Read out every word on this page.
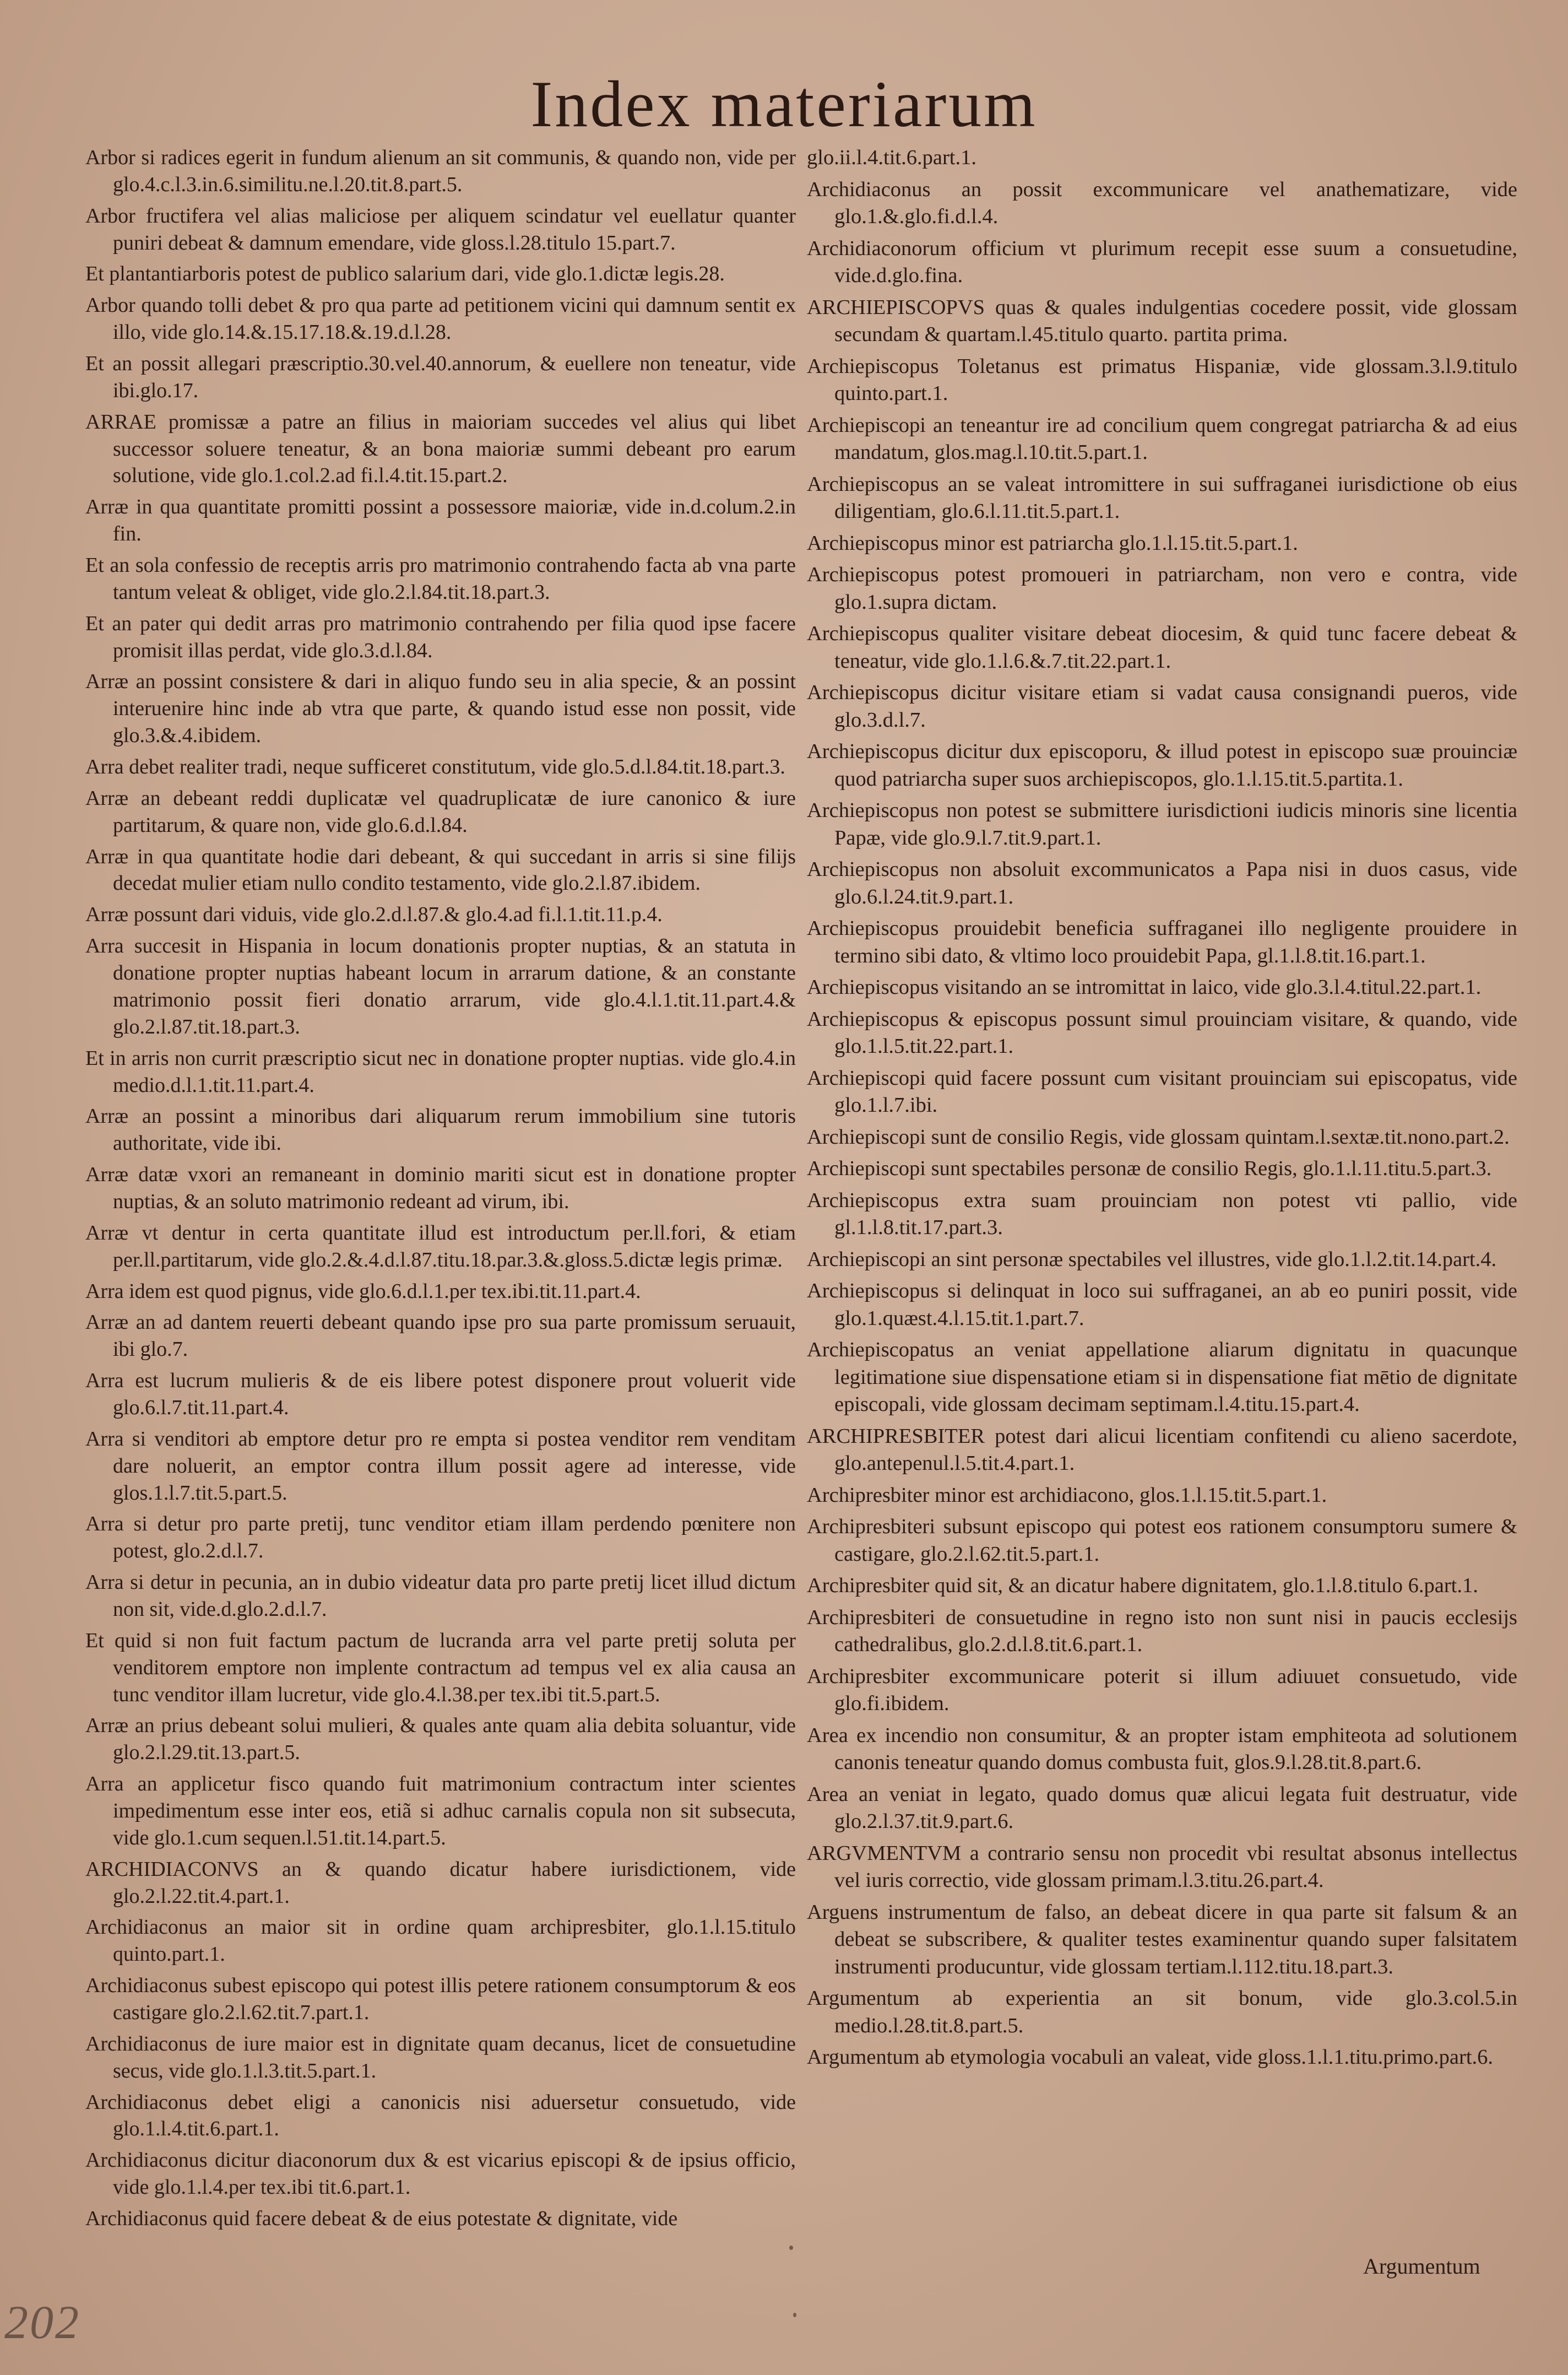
Index materiarum
Arbor si radices egerit in fundum alienum an sit communis, & quando non, vide per glo.4.c.l.3.in.6.similitu.ne.l.20.tit.8.part.5.
Arbor fructifera vel alias maliciose per aliquem scindatur vel euellatur quanter puniri debeat & damnum emendare, vide gloss.l.28.titulo 15.part.7.
Et plantantiarboris potest de publico salarium dari, vide glo.1.dictæ legis.28.
Arbor quando tolli debet & pro qua parte ad petitionem vicini qui damnum sentit ex illo, vide glo.14.&.15.17.18.&.19.d.l.28.
Et an possit allegari præscriptio.30.vel.40.annorum, & euellere non teneatur, vide ibi.glo.17.
ARRAE promissæ a patre an filius in maioriam succedes vel alius qui libet successor soluere teneatur, & an bona maioriæ summi debeant pro earum solutione, vide glo.1.col.2.ad fi.l.4.tit.15.part.2.
Arræ in qua quantitate promitti possint a possessore maioriæ, vide in.d.colum.2.in fin.
Et an sola confessio de receptis arris pro matrimonio contrahendo facta ab vna parte tantum veleat & obliget, vide glo.2.l.84.tit.18.part.3.
Et an pater qui dedit arras pro matrimonio contrahendo per filia quod ipse facere promisit illas perdat, vide glo.3.d.l.84.
Arræ an possint consistere & dari in aliquo fundo seu in alia specie, & an possint interuenire hinc inde ab vtra que parte, & quando istud esse non possit, vide glo.3.&.4.ibidem.
Arra debet realiter tradi, neque sufficeret constitutum, vide glo.5.d.l.84.tit.18.part.3.
Arræ an debeant reddi duplicatæ vel quadruplicatæ de iure canonico & iure partitarum, & quare non, vide glo.6.d.l.84.
Arræ in qua quantitate hodie dari debeant, & qui succedant in arris si sine filijs decedat mulier etiam nullo condito testamento, vide glo.2.l.87.ibidem.
Arræ possunt dari viduis, vide glo.2.d.l.87.& glo.4.ad fi.l.1.tit.11.p.4.
Arra succesit in Hispania in locum donationis propter nuptias, & an statuta in donatione propter nuptias habeant locum in arrarum datione, & an constante matrimonio possit fieri donatio arrarum, vide glo.4.l.1.tit.11.part.4.& glo.2.l.87.tit.18.part.3.
Et in arris non currit præscriptio sicut nec in donatione propter nuptias. vide glo.4.in medio.d.l.1.tit.11.part.4.
Arræ an possint a minoribus dari aliquarum rerum immobilium sine tutoris authoritate, vide ibi.
Arræ datæ vxori an remaneant in dominio mariti sicut est in donatione propter nuptias, & an soluto matrimonio redeant ad virum, ibi.
Arræ vt dentur in certa quantitate illud est introductum per.ll.fori, & etiam per.ll.partitarum, vide glo.2.&.4.d.l.87.titu.18.par.3.&.gloss.5.dictæ legis primæ.
Arra idem est quod pignus, vide glo.6.d.l.1.per tex.ibi.tit.11.part.4.
Arræ an ad dantem reuerti debeant quando ipse pro sua parte promissum seruauit, ibi glo.7.
Arra est lucrum mulieris & de eis libere potest disponere prout voluerit vide glo.6.l.7.tit.11.part.4.
Arra si venditori ab emptore detur pro re empta si postea venditor rem venditam dare noluerit, an emptor contra illum possit agere ad interesse, vide glos.1.l.7.tit.5.part.5.
Arra si detur pro parte pretij, tunc venditor etiam illam perdendo pœnitere non potest, glo.2.d.l.7.
Arra si detur in pecunia, an in dubio videatur data pro parte pretij licet illud dictum non sit, vide.d.glo.2.d.l.7.
Et quid si non fuit factum pactum de lucranda arra vel parte pretij soluta per venditorem emptore non implente contractum ad tempus vel ex alia causa an tunc venditor illam lucretur, vide glo.4.l.38.per tex.ibi tit.5.part.5.
Arræ an prius debeant solui mulieri, & quales ante quam alia debita soluantur, vide glo.2.l.29.tit.13.part.5.
Arra an applicetur fisco quando fuit matrimonium contractum inter scientes impedimentum esse inter eos, etiã si adhuc carnalis copula non sit subsecuta, vide glo.1.cum sequen.l.51.tit.14.part.5.
ARCHIDIACONVS an & quando dicatur habere iurisdictionem, vide glo.2.l.22.tit.4.part.1.
Archidiaconus an maior sit in ordine quam archipresbiter, glo.1.l.15.titulo quinto.part.1.
Archidiaconus subest episcopo qui potest illis petere rationem consumptorum & eos castigare glo.2.l.62.tit.7.part.1.
Archidiaconus de iure maior est in dignitate quam decanus, licet de consuetudine secus, vide glo.1.l.3.tit.5.part.1.
Archidiaconus debet eligi a canonicis nisi aduersetur consuetudo, vide glo.1.l.4.tit.6.part.1.
Archidiaconus dicitur diaconorum dux & est vicarius episcopi & de ipsius officio, vide glo.1.l.4.per tex.ibi tit.6.part.1.
Archidiaconus quid facere debeat & de eius potestate & dignitate, vide
glo.ii.l.4.tit.6.part.1.
Archidiaconus an possit excommunicare vel anathematizare, vide glo.1.&.glo.fi.d.l.4.
Archidiaconorum officium vt plurimum recepit esse suum a consuetudine, vide.d.glo.fina.
ARCHIEPISCOPVS quas & quales indulgentias cocedere possit, vide glossam secundam & quartam.l.45.titulo quarto. partita prima.
Archiepiscopus Toletanus est primatus Hispaniæ, vide glossam.3.l.9.titulo quinto.part.1.
Archiepiscopi an teneantur ire ad concilium quem congregat patriarcha & ad eius mandatum, glos.mag.l.10.tit.5.part.1.
Archiepiscopus an se valeat intromittere in sui suffraganei iurisdictione ob eius diligentiam, glo.6.l.11.tit.5.part.1.
Archiepiscopus minor est patriarcha glo.1.l.15.tit.5.part.1.
Archiepiscopus potest promoueri in patriarcham, non vero e contra, vide glo.1.supra dictam.
Archiepiscopus qualiter visitare debeat diocesim, & quid tunc facere debeat & teneatur, vide glo.1.l.6.&.7.tit.22.part.1.
Archiepiscopus dicitur visitare etiam si vadat causa consignandi pueros, vide glo.3.d.l.7.
Archiepiscopus dicitur dux episcoporu, & illud potest in episcopo suæ prouinciæ quod patriarcha super suos archiepiscopos, glo.1.l.15.tit.5.partita.1.
Archiepiscopus non potest se submittere iurisdictioni iudicis minoris sine licentia Papæ, vide glo.9.l.7.tit.9.part.1.
Archiepiscopus non absoluit excommunicatos a Papa nisi in duos casus, vide glo.6.l.24.tit.9.part.1.
Archiepiscopus prouidebit beneficia suffraganei illo negligente prouidere in termino sibi dato, & vltimo loco prouidebit Papa, gl.1.l.8.tit.16.part.1.
Archiepiscopus visitando an se intromittat in laico, vide glo.3.l.4.titul.22.part.1.
Archiepiscopus & episcopus possunt simul prouinciam visitare, & quando, vide glo.1.l.5.tit.22.part.1.
Archiepiscopi quid facere possunt cum visitant prouinciam sui episcopatus, vide glo.1.l.7.ibi.
Archiepiscopi sunt de consilio Regis, vide glossam quintam.l.sextæ.tit.nono.part.2.
Archiepiscopi sunt spectabiles personæ de consilio Regis, glo.1.l.11.titu.5.part.3.
Archiepiscopus extra suam prouinciam non potest vti pallio, vide gl.1.l.8.tit.17.part.3.
Archiepiscopi an sint personæ spectabiles vel illustres, vide glo.1.l.2.tit.14.part.4.
Archiepiscopus si delinquat in loco sui suffraganei, an ab eo puniri possit, vide glo.1.quæst.4.l.15.tit.1.part.7.
Archiepiscopatus an veniat appellatione aliarum dignitatu in quacunque legitimatione siue dispensatione etiam si in dispensatione fiat mētio de dignitate episcopali, vide glossam decimam septimam.l.4.titu.15.part.4.
ARCHIPRESBITER potest dari alicui licentiam confitendi cu alieno sacerdote, glo.antepenul.l.5.tit.4.part.1.
Archipresbiter minor est archidiacono, glos.1.l.15.tit.5.part.1.
Archipresbiteri subsunt episcopo qui potest eos rationem consumptoru sumere & castigare, glo.2.l.62.tit.5.part.1.
Archipresbiter quid sit, & an dicatur habere dignitatem, glo.1.l.8.titulo 6.part.1.
Archipresbiteri de consuetudine in regno isto non sunt nisi in paucis ecclesijs cathedralibus, glo.2.d.l.8.tit.6.part.1.
Archipresbiter excommunicare poterit si illum adiuuet consuetudo, vide glo.fi.ibidem.
Area ex incendio non consumitur, & an propter istam emphiteota ad solutionem canonis teneatur quando domus combusta fuit, glos.9.l.28.tit.8.part.6.
Area an veniat in legato, quado domus quæ alicui legata fuit destruatur, vide glo.2.l.37.tit.9.part.6.
ARGVMENTVM a contrario sensu non procedit vbi resultat absonus intellectus vel iuris correctio, vide glossam primam.l.3.titu.26.part.4.
Arguens instrumentum de falso, an debeat dicere in qua parte sit falsum & an debeat se subscribere, & qualiter testes examinentur quando super falsitatem instrumenti producuntur, vide glossam tertiam.l.112.titu.18.part.3.
Argumentum ab experientia an sit bonum, vide glo.3.col.5.in medio.l.28.tit.8.part.5.
Argumentum ab etymologia vocabuli an valeat, vide gloss.1.l.1.titu.primo.part.6.
Argumentum
202
